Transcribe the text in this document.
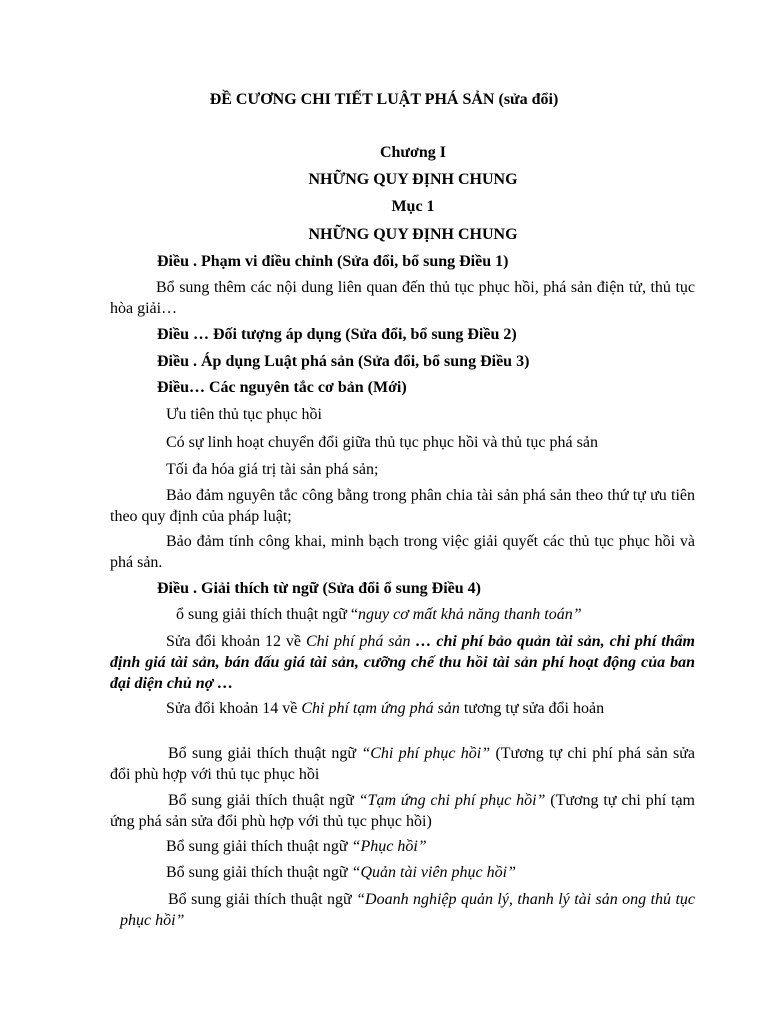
ĐỀ CƯƠNG CHI TIẾT LUẬT PHÁ SẢN (sửa đổi)
Chương I
NHỮNG QUY ĐỊNH CHUNG
Mục 1
NHỮNG QUY ĐỊNH CHUNG
Điều . Phạm vi điều chỉnh (Sửa đổi, bổ sung Điều 1)
Bổ sung thêm các nội dung liên quan đến thủ tục phục hồi, phá sản điện tử, thủ tục hòa giải…
Điều … Đối tượng áp dụng (Sửa đổi, bổ sung Điều 2)
Điều . Áp dụng Luật phá sản (Sửa đổi, bổ sung Điều 3)
Điều… Các nguyên tắc cơ bản (Mới)
Ưu tiên thủ tục phục hồi
Có sự linh hoạt chuyển đổi giữa thủ tục phục hồi và thủ tục phá sản
Tối đa hóa giá trị tài sản phá sản;
Bảo đảm nguyên tắc công bằng trong phân chia tài sản phá sản theo thứ tự ưu tiên theo quy định của pháp luật;
Bảo đảm tính công khai, minh bạch trong việc giải quyết các thủ tục phục hồi và phá sản.
Điều . Giải thích từ ngữ (Sửa đổi ổ sung Điều 4)
ổ sung giải thích thuật ngữ “nguy cơ mất khả năng thanh toán”
Sửa đổi khoản 12 về Chi phí phá sản … chi phí bảo quản tài sản, chi phí thẩm định giá tài sản, bán đấu giá tài sản, cưỡng chế thu hồi tài sản phí hoạt động của ban đại diện chủ nợ …
Sửa đổi khoản 14 về Chi phí tạm ứng phá sản tương tự sửa đổi hoản
Bổ sung giải thích thuật ngữ “Chi phí phục hồi” (Tương tự chi phí phá sản sửa đổi phù hợp với thủ tục phục hồi
Bổ sung giải thích thuật ngữ “Tạm ứng chi phí phục hồi” (Tương tự chi phí tạm ứng phá sản sửa đổi phù hợp với thủ tục phục hồi)
Bổ sung giải thích thuật ngữ “Phục hồi”
Bổ sung giải thích thuật ngữ “Quản tài viên phục hồi”
Bổ sung giải thích thuật ngữ “Doanh nghiệp quản lý, thanh lý tài sản ong thủ tục phục hồi”
